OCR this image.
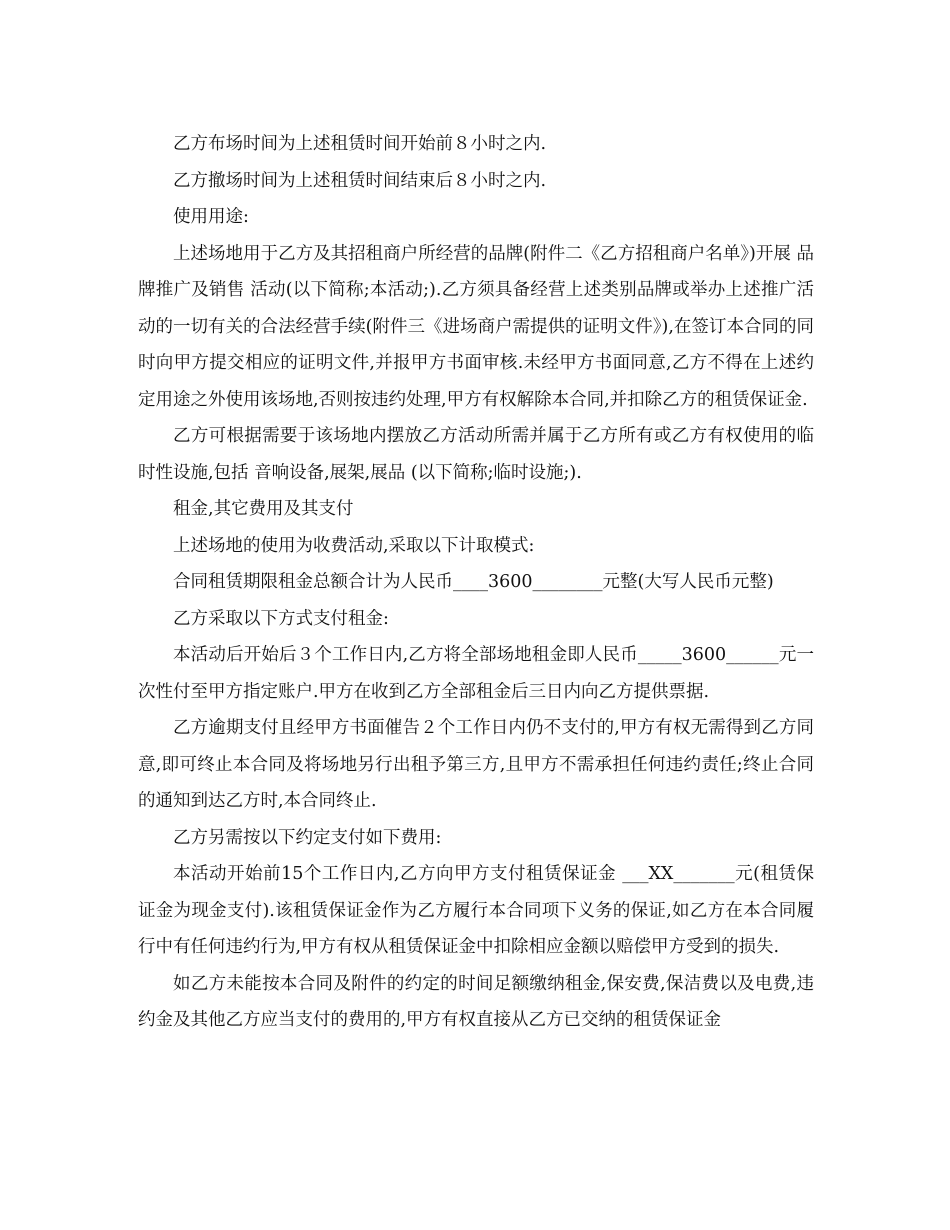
乙方布场时间为上述租赁时间开始前８小时之内.

乙方撤场时间为上述租赁时间结束后８小时之内.

使用用途:

上述场地用于乙方及其招租商户所经营的品牌(附件二《乙方招租商户名单》)开展 品牌推广及销售 活动(以下简称;本活动;).乙方须具备经营上述类别品牌或举办上述推广活动的一切有关的合法经营手续(附件三《进场商户需提供的证明文件》),在签订本合同的同时向甲方提交相应的证明文件,并报甲方书面审核.未经甲方书面同意,乙方不得在上述约定用途之外使用该场地,否则按违约处理,甲方有权解除本合同,并扣除乙方的租赁保证金.

乙方可根据需要于该场地内摆放乙方活动所需并属于乙方所有或乙方有权使用的临时性设施,包括 音响设备,展架,展品 (以下简称;临时设施;).

租金,其它费用及其支付

上述场地的使用为收费活动,采取以下计取模式:

合同租赁期限租金总额合计为人民币____3600________元整(大写人民币元整)

乙方采取以下方式支付租金:

本活动后开始后３个工作日内,乙方将全部场地租金即人民币_____3600______元一次性付至甲方指定账户.甲方在收到乙方全部租金后三日内向乙方提供票据.

乙方逾期支付且经甲方书面催告２个工作日内仍不支付的,甲方有权无需得到乙方同意,即可终止本合同及将场地另行出租予第三方,且甲方不需承担任何违约责任;终止合同的通知到达乙方时,本合同终止.

乙方另需按以下约定支付如下费用:

本活动开始前15个工作日内,乙方向甲方支付租赁保证金 ___XX_______元(租赁保证金为现金支付).该租赁保证金作为乙方履行本合同项下义务的保证,如乙方在本合同履行中有任何违约行为,甲方有权从租赁保证金中扣除相应金额以赔偿甲方受到的损失.

如乙方未能按本合同及附件的约定的时间足额缴纳租金,保安费,保洁费以及电费,违约金及其他乙方应当支付的费用的,甲方有权直接从乙方已交纳的租赁保证金
